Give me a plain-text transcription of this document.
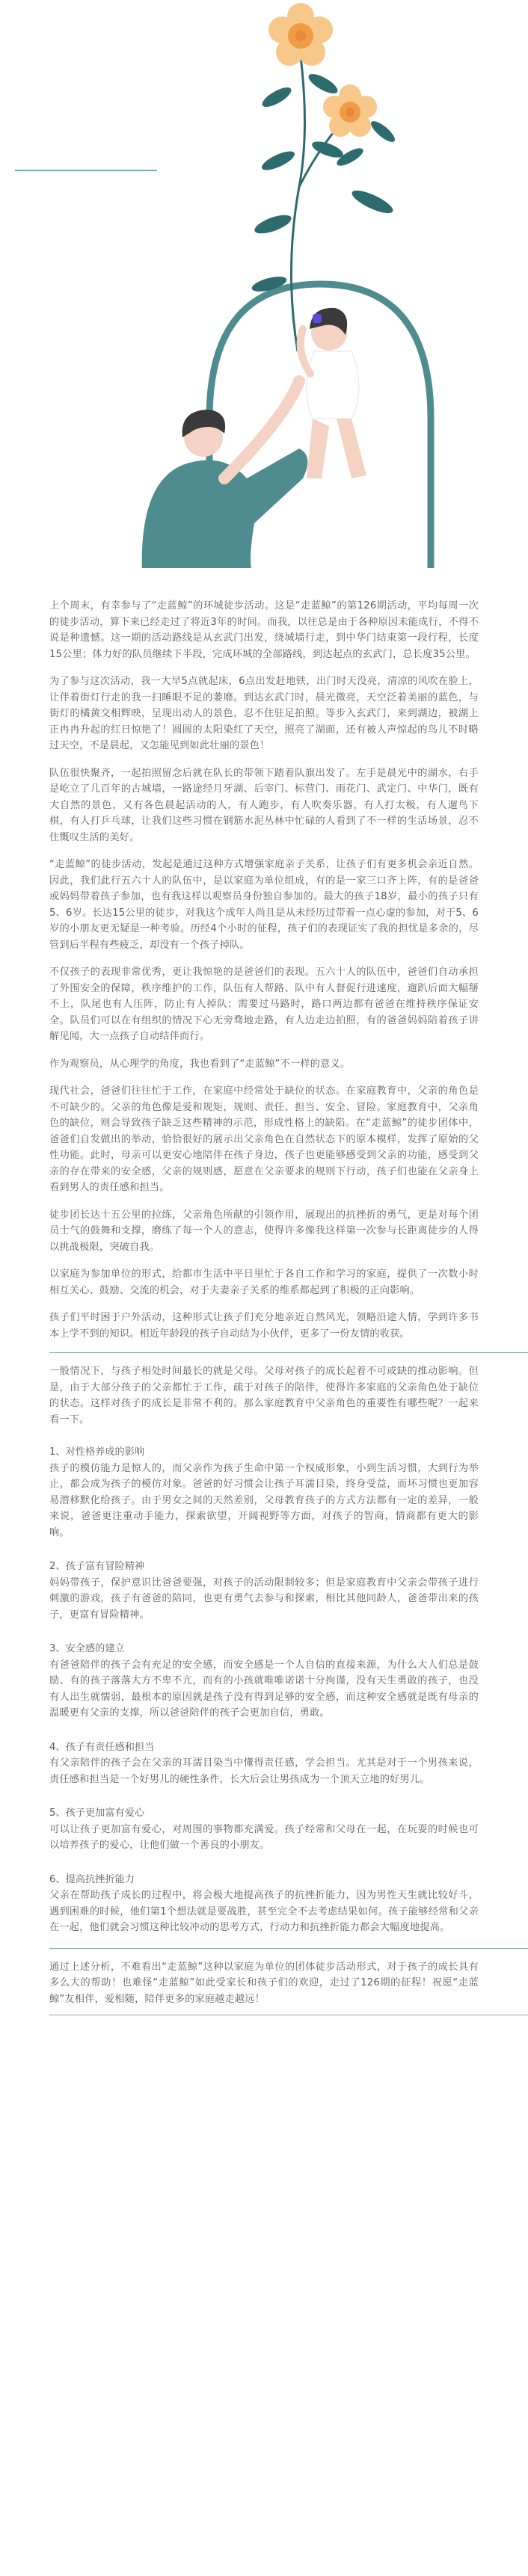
上个周末，有幸参与了“走蓝鲸”的环城徒步活动。这是“走蓝鲸”的第126期活动，平均每周一次的徒步活动，算下来已经走过了将近3年的时间。而我，以往总是由于各种原因未能成行，不得不说是种遗憾。这一期的活动路线是从玄武门出发，绕城墙行走，到中华门结束第一段行程，长度15公里；体力好的队员继续下半段，完成环城的全部路线，到达起点的玄武门，总长度35公里。

为了参与这次活动，我一大早5点就起床，6点出发赶地铁，出门时天没亮，清凉的风吹在脸上，让伴着街灯行走的我一扫睡眼不足的萎靡。到达玄武门时，晨光微亮，天空泛着美丽的蓝色，与街灯的橘黄交相辉映，呈现出动人的景色，忍不住驻足拍照。等步入玄武门，来到湖边，被湖上正冉冉升起的红日惊艳了！圆圆的太阳染红了天空，照亮了湖面，还有被人声惊起的鸟儿不时略过天空，不是晨起，又怎能见到如此壮丽的景色！

队伍很快聚齐，一起拍照留念后就在队长的带领下踏着队旗出发了。左手是晨光中的湖水，右手是屹立了几百年的古城墙，一路途经月牙湖、后宰门、标营门、雨花门、武定门、中华门，既有大自然的景色，又有各色晨起活动的人，有人跑步，有人吹奏乐器，有人打太极，有人遛鸟下棋，有人打乒乓球，让我们这些习惯在钢筋水泥丛林中忙碌的人看到了不一样的生活场景，忍不住慨叹生活的美好。

“走蓝鲸”的徒步活动，发起是通过这种方式增强家庭亲子关系，让孩子们有更多机会亲近自然。因此，我们此行五六十人的队伍中，是以家庭为单位组成，有的是一家三口齐上阵，有的是爸爸或妈妈带着孩子参加，也有我这样以观察员身份独自参加的。最大的孩子18岁，最小的孩子只有5、6岁。长达15公里的徒步，对我这个成年人尚且是从未经历过带着一点心虚的参加，对于5、6岁的小朋友更无疑是一种考验。历经4个小时的征程，孩子们的表现证实了我的担忧是多余的，尽管到后半程有些疲乏，却没有一个孩子掉队。

不仅孩子的表现非常优秀，更让我惊艳的是爸爸们的表现。五六十人的队伍中，爸爸们自动承担了外围安全的保障，秩序维护的工作，队伍有人帮路、队中有人督促行进速度，遛趴后面大幅掰不上，队尾也有人压阵，防止有人掉队；需要过马路时，路口两边都有爸爸在维持秩序保证安全。队员们可以在有组织的情况下心无旁骛地走路，有人边走边拍照，有的爸爸妈妈陪着孩子讲解见闻，大一点孩子自动结伴而行。

作为观察员，从心理学的角度，我也看到了“走蓝鲸”不一样的意义。

现代社会，爸爸们往往忙于工作，在家庭中经常处于缺位的状态。在家庭教育中，父亲的角色是不可缺少的。父亲的角色像是爱和规矩，规则、责任、担当、安全、冒险。家庭教育中，父亲角色的缺位，则会导致孩子缺乏这些精神的示范，形成性格上的缺陷。在“走蓝鲸”的徒步团体中，爸爸们自发做出的举动，恰恰很好的展示出父亲角色在自然状态下的原本模样，发挥了原始的父性功能。此时，母亲可以更安心地陪伴在孩子身边，孩子也更能够感受到父亲的功能，感受到父亲的存在带来的安全感，父亲的规则感，愿意在父亲要求的规则下行动，孩子们也能在父亲身上看到男人的责任感和担当。

徒步团长达十五公里的拉练，父亲角色所献的引领作用，展现出的抗挫折的勇气，更是对每个团员士气的鼓舞和支撑，磨练了每一个人的意志，使得许多像我这样第一次参与长距离徒步的人得以挑战极限，突破自我。

以家庭为参加单位的形式，给都市生活中平日里忙于各自工作和学习的家庭，提供了一次数小时相互关心、鼓励、交流的机会，对于夫妻亲子关系的维系都起到了积极的正向影响。

孩子们平时困于户外活动，这种形式让孩子们充分地亲近自然风光，领略沿途人情，学到许多书本上学不到的知识。相近年龄段的孩子自动结为小伙伴，更多了一份友情的收获。

一般情况下，与孩子相处时间最长的就是父母。父母对孩子的成长起着不可或缺的推动影响。但是，由于大部分孩子的父亲都忙于工作，疏于对孩子的陪伴，使得许多家庭的父亲角色处于缺位的状态。这样对孩子的成长是非常不利的。那么家庭教育中父亲角色的重要性有哪些呢？一起来看一下。

1、对性格养成的影响

孩子的模仿能力是惊人的，而父亲作为孩子生命中第一个权威形象，小到生活习惯，大到行为举止，都会成为孩子的模仿对象。爸爸的好习惯会让孩子耳濡目染，终身受益，而坏习惯也更加容易潜移默化给孩子。由于男女之间的天然差别，父母教育孩子的方式方法都有一定的差异，一般来说，爸爸更注重动手能力，探索欲望，开阔视野等方面，对孩子的智商，情商都有更大的影响。

2、孩子富有冒险精神

妈妈带孩子，保护意识比爸爸要强，对孩子的活动限制较多；但是家庭教育中父亲会带孩子进行刺激的游戏，孩子有爸爸的陪同，也更有勇气去参与和探索，相比其他同龄人，爸爸带出来的孩子，更富有冒险精神。

3、安全感的建立

有爸爸陪伴的孩子会有充足的安全感，而安全感是一个人自信的直接来源，为什么大人们总是鼓励、有的孩子落落大方不卑不亢，而有的小孩就唯唯诺诺十分拘谨，没有天生勇敢的孩子，也没有人出生就懦弱，最根本的原因就是孩子没有得到足够的安全感，而这种安全感就是既有母亲的温暖更有父亲的支撑，所以爸爸陪伴的孩子会更加自信，勇敢。

4、孩子有责任感和担当

有父亲陪伴的孩子会在父亲的耳濡目染当中懂得责任感，学会担当。尤其是对于一个男孩来说，责任感和担当是一个好男儿的硬性条件，长大后会让男孩成为一个顶天立地的好男儿。

5、孩子更加富有爱心

可以让孩子更加富有爱心，对周围的事物都充满爱。孩子经常和父母在一起，在玩耍的时候也可以培养孩子的爱心，让他们做一个善良的小朋友。

6、提高抗挫折能力

父亲在帮助孩子成长的过程中，将会极大地提高孩子的抗挫折能力，因为男性天生就比较好斗，遇到困难的时候，他们第1个想法就是要战胜，甚至完全不去考虑结果如何。孩子能够经常和父亲在一起，他们就会习惯这种比较冲动的思考方式，行动力和抗挫折能力都会大幅度地提高。

通过上述分析，不难看出“走蓝鲸”这种以家庭为单位的团体徒步活动形式，对于孩子的成长具有多么大的帮助！也难怪“走蓝鲸”如此受家长和孩子们的欢迎，走过了126期的征程！祝愿“走蓝鲸”友相伴，爱相随，陪伴更多的家庭越走越远！
